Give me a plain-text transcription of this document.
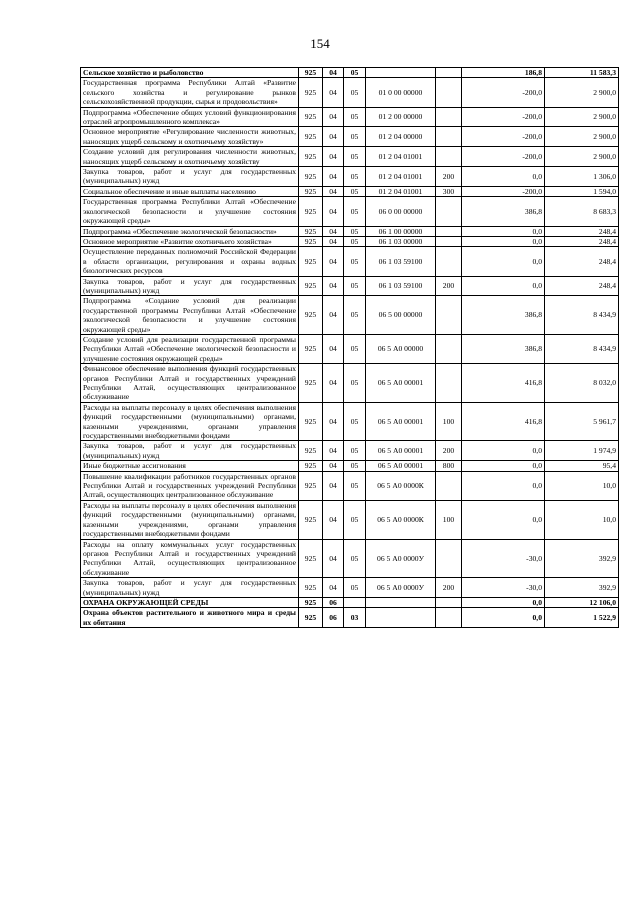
154
Сельское хозяйство и рыболовство	925	04	05			186,8	11 583,3
Государственная программа Республики Алтай «Развитие сельского хозяйства и регулирование рынков сельскохозяйственной продукции, сырья и продовольствия»	925	04	05	01 0 00 00000		-200,0	2 900,0
Подпрограмма «Обеспечение общих условий функционирования отраслей агропромышленного комплекса»	925	04	05	01 2 00 00000		-200,0	2 900,0
Основное мероприятие «Регулирование численности животных, наносящих ущерб сельскому и охотничьему хозяйству»	925	04	05	01 2 04 00000		-200,0	2 900,0
Создание условий для регулирования численности животных, наносящих ущерб сельскому и охотничьему хозяйству	925	04	05	01 2 04 01001		-200,0	2 900,0
Закупка товаров, работ и услуг для государственных (муниципальных) нужд	925	04	05	01 2 04 01001	200	0,0	1 306,0
Социальное обеспечение и иные выплаты населению	925	04	05	01 2 04 01001	300	-200,0	1 594,0
Государственная программа Республики Алтай «Обеспечение экологической безопасности и улучшение состояния окружающей среды»	925	04	05	06 0 00 00000		386,8	8 683,3
Подпрограмма «Обеспечение экологической безопасности»	925	04	05	06 1 00 00000		0,0	248,4
Основное мероприятие «Развитие охотничьего хозяйства»	925	04	05	06 1 03 00000		0,0	248,4
Осуществление переданных полномочий Российской Федерации в области организации, регулирования и охраны водных биологических ресурсов	925	04	05	06 1 03 59100		0,0	248,4
Закупка товаров, работ и услуг для государственных (муниципальных) нужд	925	04	05	06 1 03 59100	200	0,0	248,4
Подпрограмма «Создание условий для реализации государственной программы Республики Алтай «Обеспечение экологической безопасности и улучшение состояния окружающей среды»	925	04	05	06 5 00 00000		386,8	8 434,9
Создание условий для реализации государственной программы Республики Алтай «Обеспечение экологической безопасности и улучшение состояния окружающей среды»	925	04	05	06 5 А0 00000		386,8	8 434,9
Финансовое обеспечение выполнения функций государственных органов Республики Алтай и государственных учреждений Республики Алтай, осуществляющих централизованное обслуживание	925	04	05	06 5 А0 00001		416,8	8 032,0
Расходы на выплаты персоналу в целях обеспечения выполнения функций государственными (муниципальными) органами, казенными учреждениями, органами управления государственными внебюджетными фондами	925	04	05	06 5 А0 00001	100	416,8	5 961,7
Закупка товаров, работ и услуг для государственных (муниципальных) нужд	925	04	05	06 5 А0 00001	200	0,0	1 974,9
Иные бюджетные ассигнования	925	04	05	06 5 А0 00001	800	0,0	95,4
Повышение квалификации работников государственных органов Республики Алтай и государственных учреждений Республики Алтай, осуществляющих централизованное обслуживание	925	04	05	06 5 А0 0000К		0,0	10,0
Расходы на выплаты персоналу в целях обеспечения выполнения функций государственными (муниципальными) органами, казенными учреждениями, органами управления государственными внебюджетными фондами	925	04	05	06 5 А0 0000К	100	0,0	10,0
Расходы на оплату коммунальных услуг государственных органов Республики Алтай и государственных учреждений Республики Алтай, осуществляющих централизованное обслуживание	925	04	05	06 5 А0 0000У		-30,0	392,9
Закупка товаров, работ и услуг для государственных (муниципальных) нужд	925	04	05	06 5 А0 0000У	200	-30,0	392,9
ОХРАНА ОКРУЖАЮЩЕЙ СРЕДЫ	925	06				0,0	12 106,0
Охрана объектов растительного и животного мира и среды их обитания	925	06	03			0,0	1 522,9
